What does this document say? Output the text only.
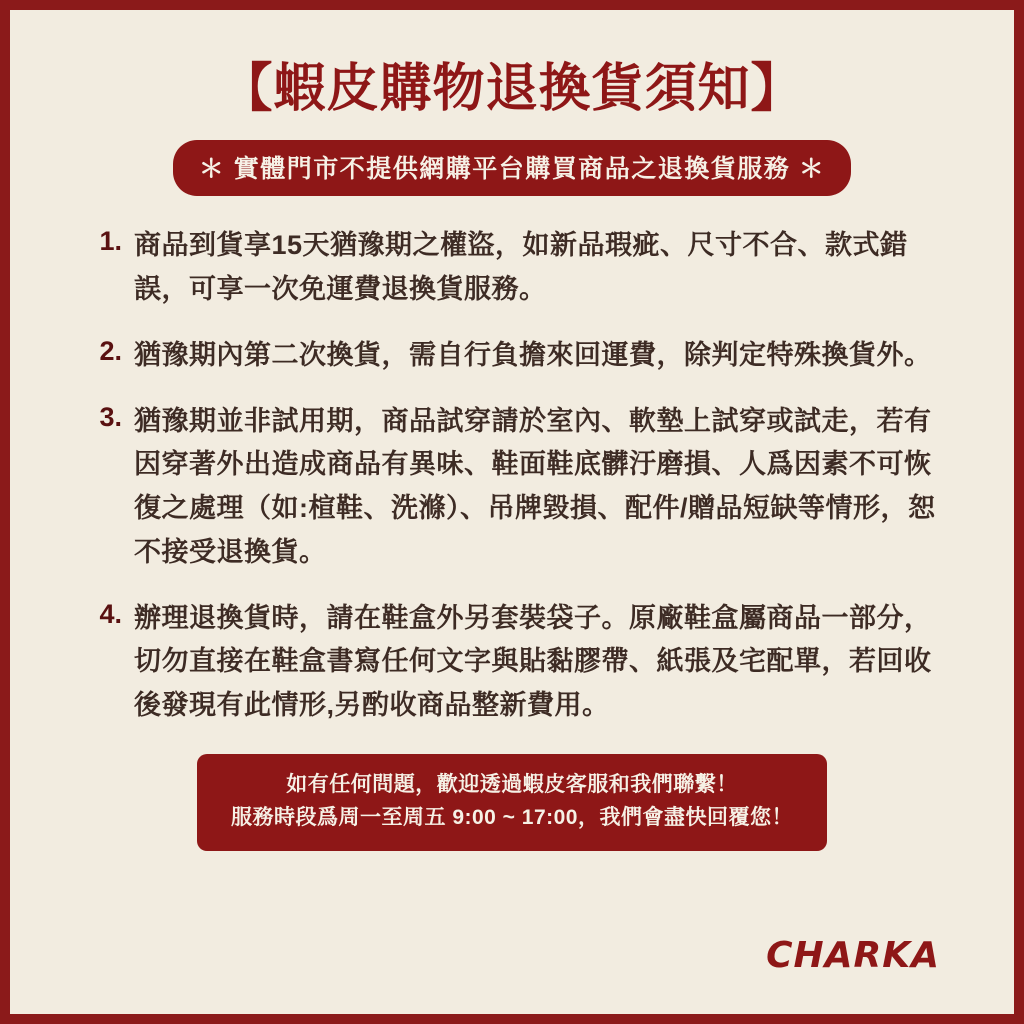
【蝦皮購物退換貨須知】
＊ 實體門市不提供網購平台購買商品之退換貨服務 ＊
1. 商品到貨享15天猶豫期之權盜，如新品瑕疵、尺寸不合、款式錯誤，可享一次免運費退換貨服務。
2. 猶豫期內第二次換貨，需自行負擔來回運費，除判定特殊換貨外。
3. 猶豫期並非試用期，商品試穿請於室內、軟墊上試穿或試走，若有因穿著外出造成商品有異味、鞋面鞋底髒汙磨損、人爲因素不可恢復之處理（如:楦鞋、洗滌）、吊牌毀損、配件/贈品短缺等情形，恕不接受退換貨。
4. 辦理退換貨時，請在鞋盒外另套裝袋子。原廠鞋盒屬商品一部分，切勿直接在鞋盒書寫任何文字與貼黏膠帶、紙張及宅配單，若回收後發現有此情形,另酌收商品整新費用。
如有任何問題，歡迎透過蝦皮客服和我們聯繫！
服務時段爲周一至周五 9:00 ~ 17:00，我們會盡快回覆您！
CHARKA
